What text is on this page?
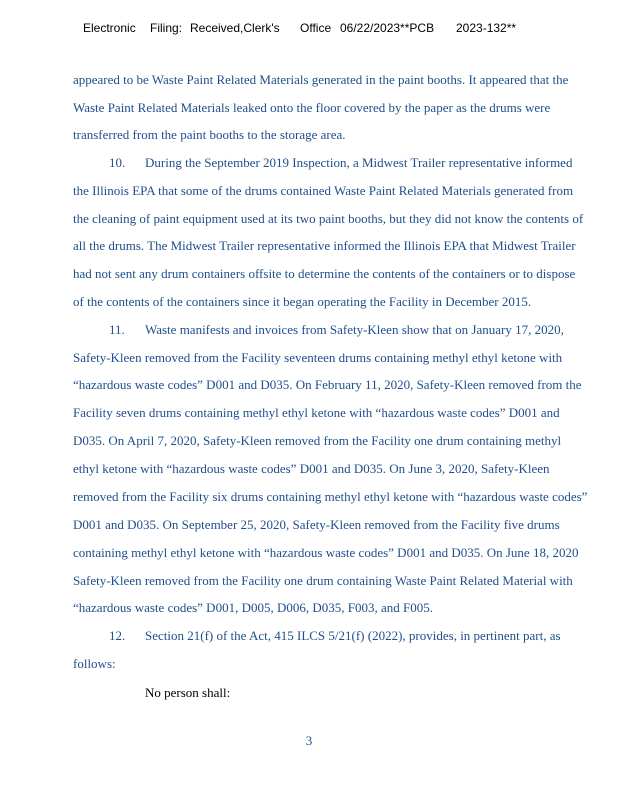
Electronic Filing: Received,Clerk's Office 06/22/2023**PCB 2023-132**
appeared to be Waste Paint Related Materials generated in the paint booths. It appeared that the
Waste Paint Related Materials leaked onto the floor covered by the paper as the drums were
transferred from the paint booths to the storage area.
10. During the September 2019 Inspection, a Midwest Trailer representative informed
the Illinois EPA that some of the drums contained Waste Paint Related Materials generated from
the cleaning of paint equipment used at its two paint booths, but they did not know the contents of
all the drums. The Midwest Trailer representative informed the Illinois EPA that Midwest Trailer
had not sent any drum containers offsite to determine the contents of the containers or to dispose
of the contents of the containers since it began operating the Facility in December 2015.
11. Waste manifests and invoices from Safety-Kleen show that on January 17, 2020,
Safety-Kleen removed from the Facility seventeen drums containing methyl ethyl ketone with
“hazardous waste codes” D001 and D035. On February 11, 2020, Safety-Kleen removed from the
Facility seven drums containing methyl ethyl ketone with “hazardous waste codes” D001 and
D035. On April 7, 2020, Safety-Kleen removed from the Facility one drum containing methyl
ethyl ketone with “hazardous waste codes” D001 and D035. On June 3, 2020, Safety-Kleen
removed from the Facility six drums containing methyl ethyl ketone with “hazardous waste codes”
D001 and D035. On September 25, 2020, Safety-Kleen removed from the Facility five drums
containing methyl ethyl ketone with “hazardous waste codes” D001 and D035. On June 18, 2020
Safety-Kleen removed from the Facility one drum containing Waste Paint Related Material with
“hazardous waste codes” D001, D005, D006, D035, F003, and F005.
12. Section 21(f) of the Act, 415 ILCS 5/21(f) (2022), provides, in pertinent part, as
follows:
No person shall:
3
